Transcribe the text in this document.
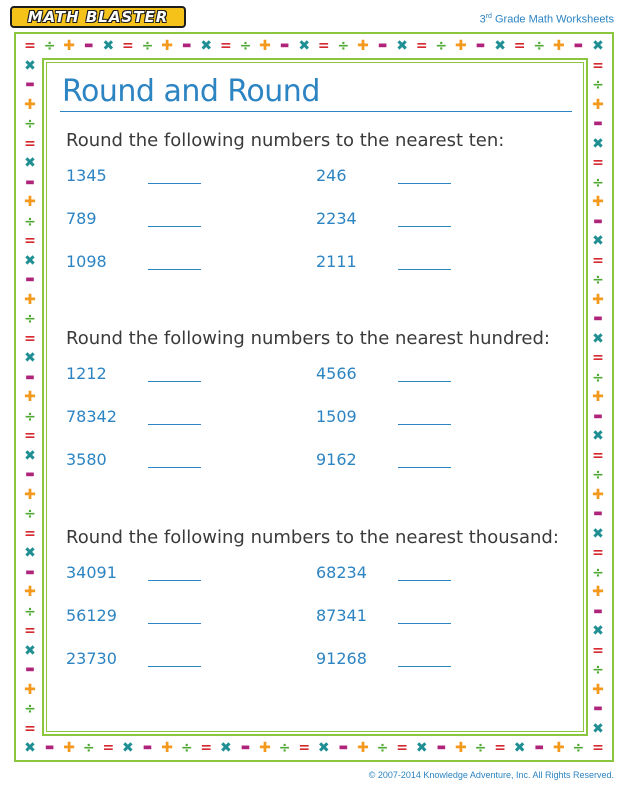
MATH BLASTER	3rd Grade Math Worksheets
= ÷ ✚ ▬ ✖ = ÷ ✚ ▬ ✖ = ÷ ✚ ▬ ✖ = ÷ ✚ ▬ ✖ = ÷ ✚ ▬ ✖ = ÷ ✚ ▬ ✖
=
÷
✚
▬
✖
=
÷
✚
▬
✖
=
÷
✚
▬
✖
=
÷
✚
▬
✖
=
÷
✚
▬
✖
=
÷
✚
▬
✖
=
÷
✚
▬
✖
=
÷
✚
▬
✖
=
÷
✚
▬
✖
=
÷
✚
▬
✖
=
÷
✚
▬
✖
=
÷
✚
▬
✖
=
÷
✚
▬
✖
=
÷
✚
▬
✖
=
÷
✚
▬
✖
=
÷
✚
▬
✖
=
÷
✚
▬
✖
=
÷
✚
▬
✖
=
÷
✚
▬
✖
=
÷
✚
▬
✖
Round and Round
Round the following numbers to the nearest ten:
1345
789
1098
246
2234
2111
Round the following numbers to the nearest hundred:
1212
78342
3580
4566
1509
9162
Round the following numbers to the nearest thousand:
34091
56129
23730
68234
87341
91268
© 2007-2014 Knowledge Adventure, Inc. All Rights Reserved.
